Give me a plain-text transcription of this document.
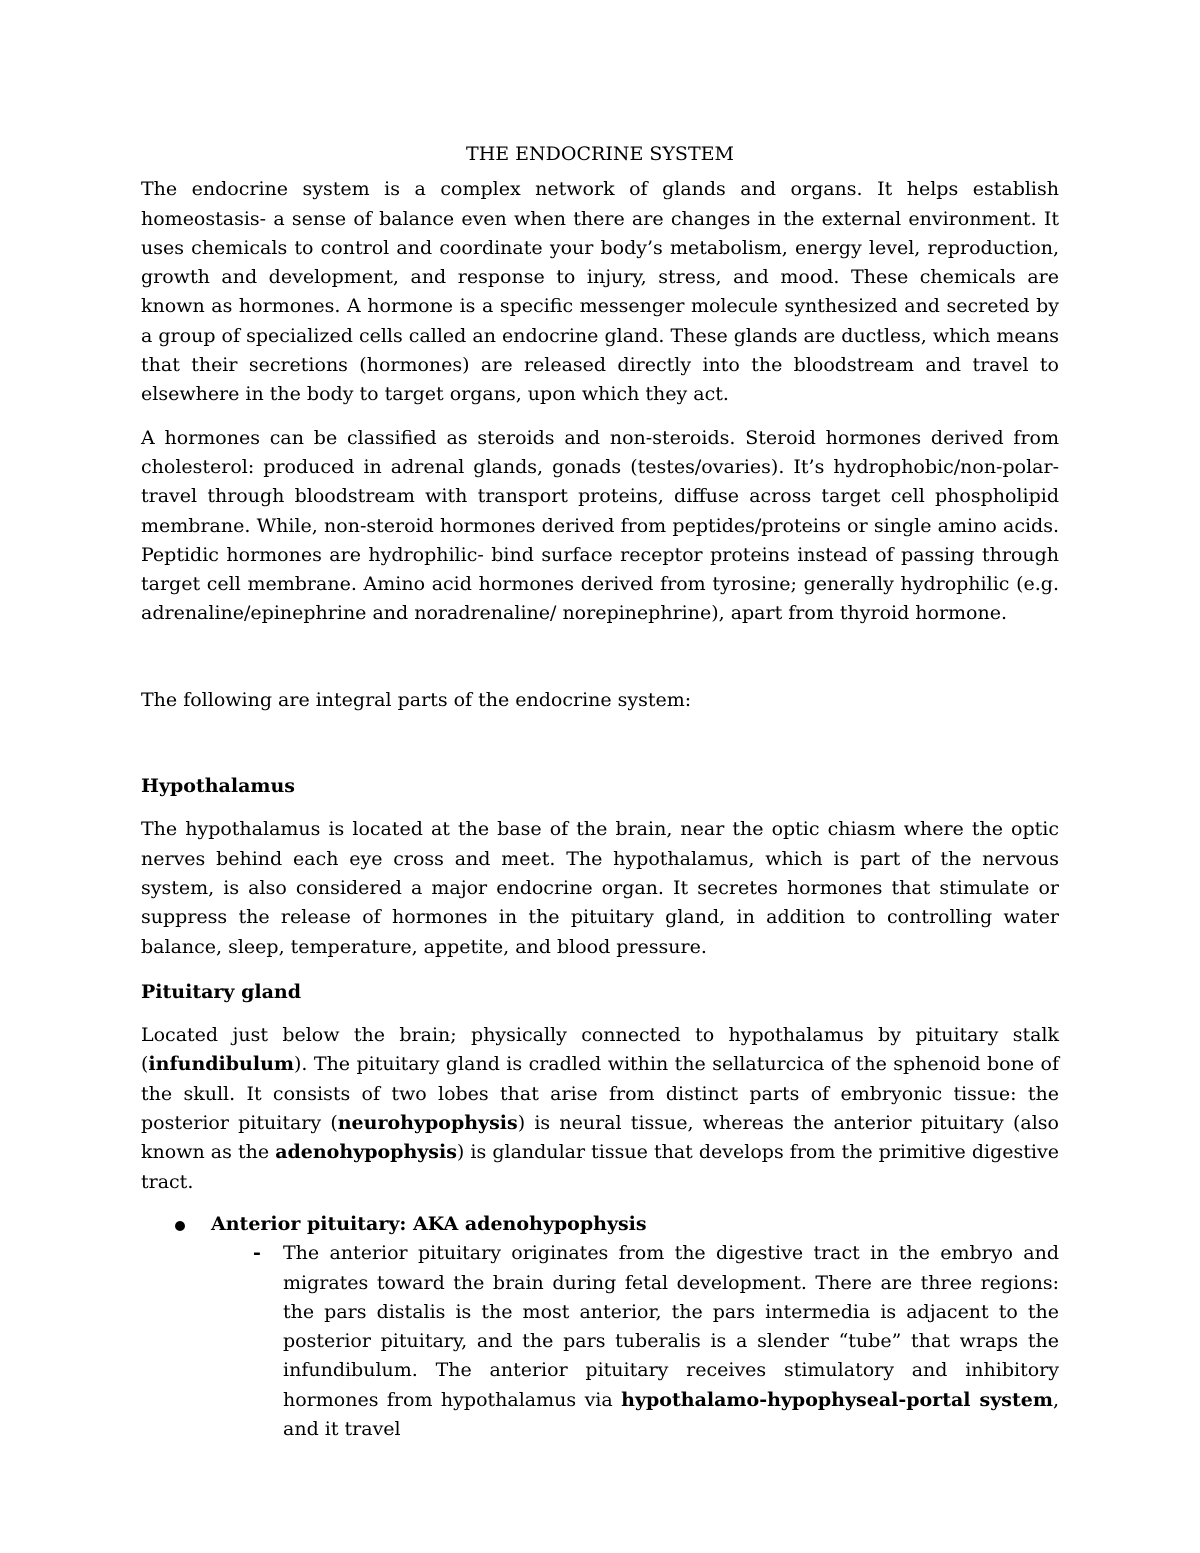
THE ENDOCRINE SYSTEM

The endocrine system is a complex network of glands and organs. It helps establish homeostasis- a sense of balance even when there are changes in the external environment. It uses chemicals to control and coordinate your body’s metabolism, energy level, reproduction, growth and development, and response to injury, stress, and mood. These chemicals are known as hormones. A hormone is a specific messenger molecule synthesized and secreted by a group of specialized cells called an endocrine gland. These glands are ductless, which means that their secretions (hormones) are released directly into the bloodstream and travel to elsewhere in the body to target organs, upon which they act.

A hormones can be classified as steroids and non-steroids. Steroid hormones derived from cholesterol: produced in adrenal glands, gonads (testes/ovaries). It’s hydrophobic/non-polar- travel through bloodstream with transport proteins, diffuse across target cell phospholipid membrane. While, non-steroid hormones derived from peptides/proteins or single amino acids. Peptidic hormones are hydrophilic- bind surface receptor proteins instead of passing through target cell membrane. Amino acid hormones derived from tyrosine; generally hydrophilic (e.g. adrenaline/epinephrine and noradrenaline/ norepinephrine), apart from thyroid hormone.

The following are integral parts of the endocrine system:

Hypothalamus

The hypothalamus is located at the base of the brain, near the optic chiasm where the optic nerves behind each eye cross and meet. The hypothalamus, which is part of the nervous system, is also considered a major endocrine organ. It secretes hormones that stimulate or suppress the release of hormones in the pituitary gland, in addition to controlling water balance, sleep, temperature, appetite, and blood pressure.

Pituitary gland

Located just below the brain; physically connected to hypothalamus by pituitary stalk (infundibulum). The pituitary gland is cradled within the sellaturcica of the sphenoid bone of the skull. It consists of two lobes that arise from distinct parts of embryonic tissue: the posterior pituitary (neurohypophysis) is neural tissue, whereas the anterior pituitary (also known as the adenohypophysis) is glandular tissue that develops from the primitive digestive tract.

Anterior pituitary: AKA adenohypophysis
- The anterior pituitary originates from the digestive tract in the embryo and migrates toward the brain during fetal development. There are three regions: the pars distalis is the most anterior, the pars intermedia is adjacent to the posterior pituitary, and the pars tuberalis is a slender “tube” that wraps the infundibulum. The anterior pituitary receives stimulatory and inhibitory hormones from hypothalamus via hypothalamo-hypophyseal-portal system, and it travel
